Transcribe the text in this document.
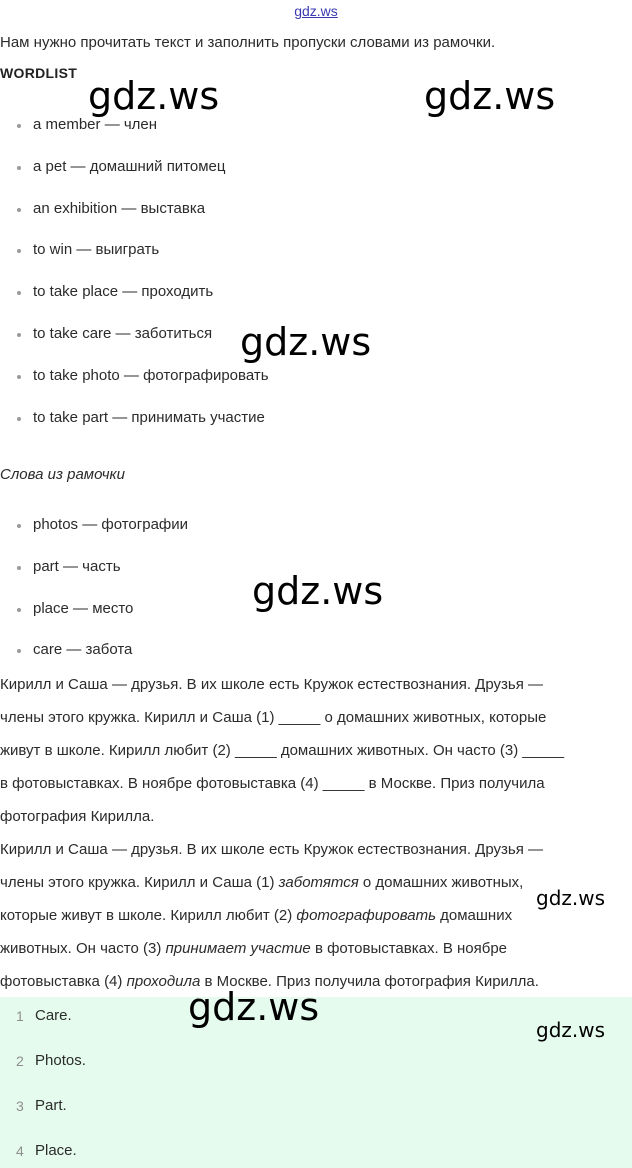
gdz.ws
Нам нужно прочитать текст и заполнить пропуски словами из рамочки.
WORDLIST
a member — член
a pet — домашний питомец
an exhibition — выставка
to win — выиграть
to take place — проходить
to take care — заботиться
to take photo — фотографировать
to take part — принимать участие
Слова из рамочки
photos — фотографии
part — часть
place — место
care — забота
Кирилл и Саша — друзья. В их школе есть Кружок естествознания. Друзья —
члены этого кружка. Кирилл и Саша (1) _____ о домашних животных, которые
живут в школе. Кирилл любит (2) _____ домашних животных. Он часто (3) _____
в фотовыставках. В ноябре фотовыставка (4) _____ в Москве. Приз получила
фотография Кирилла.
Кирилл и Саша — друзья. В их школе есть Кружок естествознания. Друзья —
члены этого кружка. Кирилл и Саша (1) заботятся о домашних животных,
которые живут в школе. Кирилл любит (2) фотографировать домашних
животных. Он часто (3) принимает участие в фотовыставках. В ноябре
фотовыставка (4) проходила в Москве. Приз получила фотография Кирилла.
1 Care.
2 Photos.
3 Part.
4 Place.
gdz.ws	gdz.ws
gdz.ws
gdz.ws
gdz.ws
gdz.ws
gdz.ws
